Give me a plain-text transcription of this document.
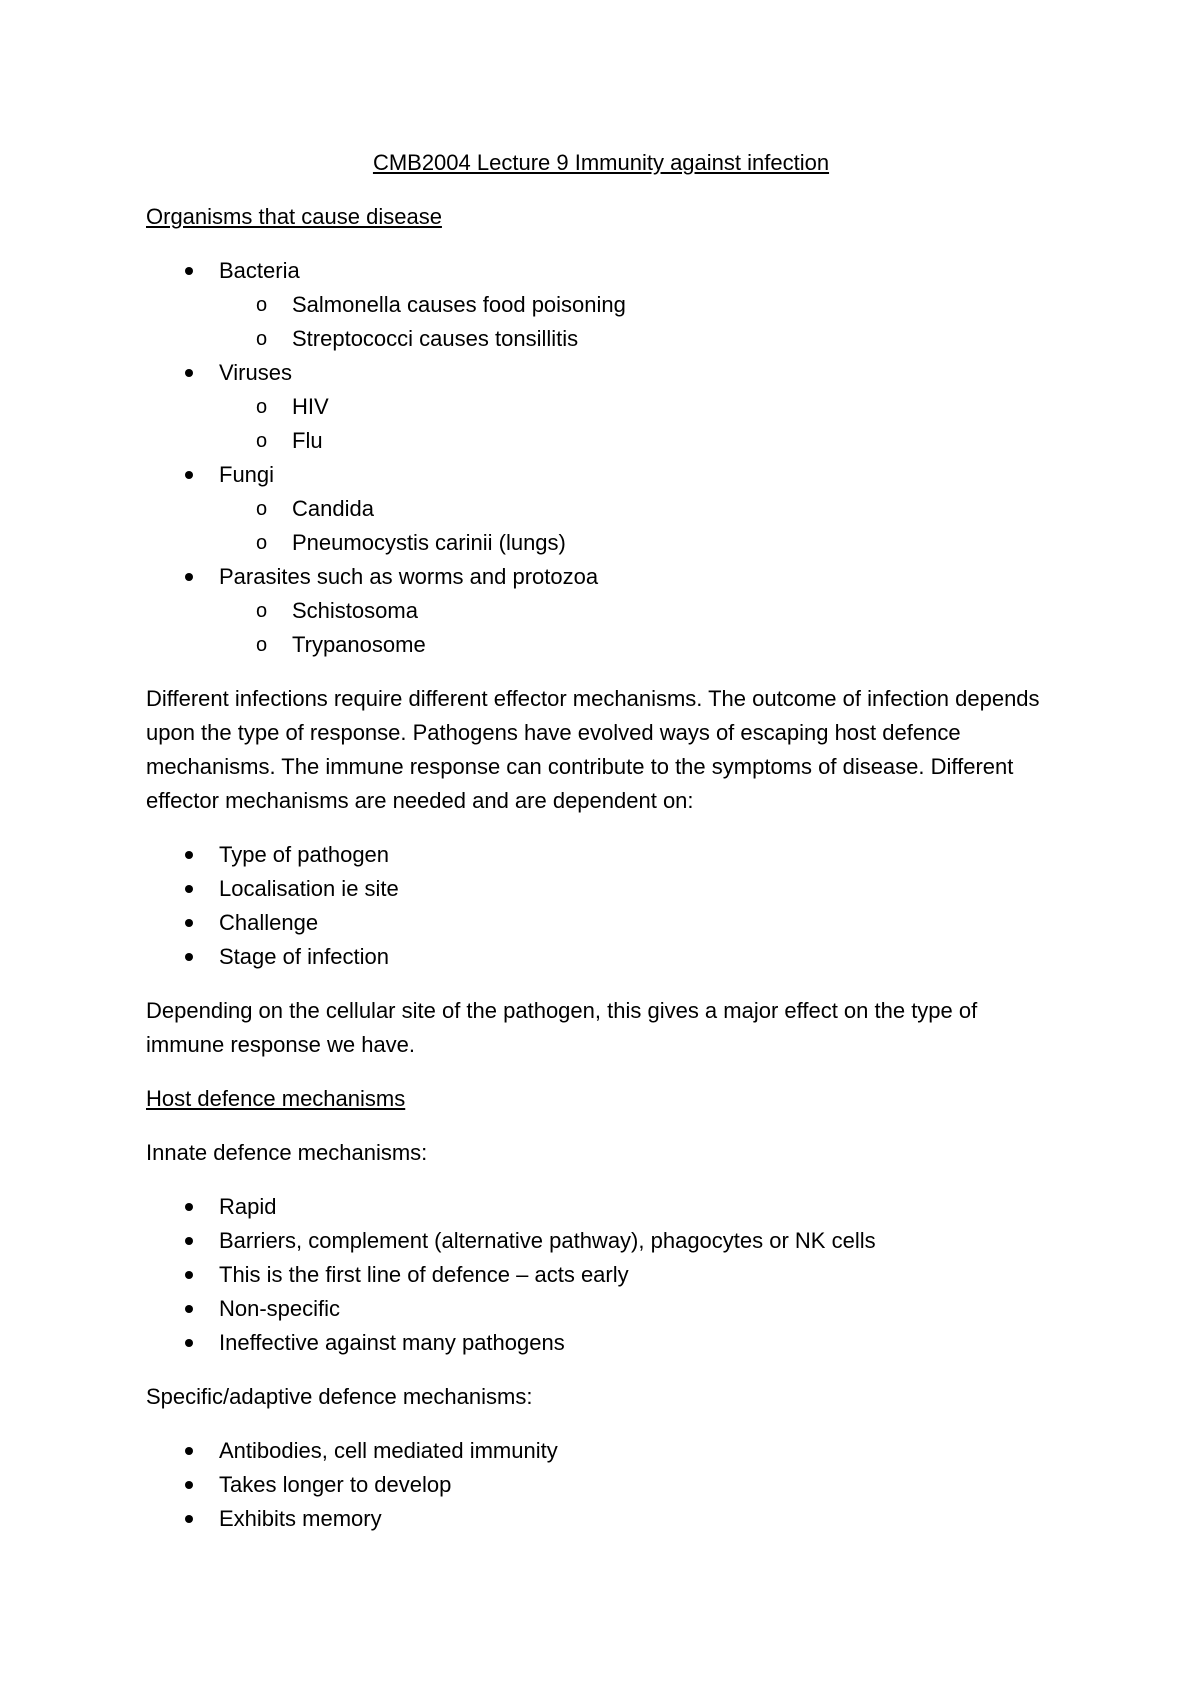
CMB2004 Lecture 9 Immunity against infection
Organisms that cause disease
Bacteria
o Salmonella causes food poisoning
o Streptococci causes tonsillitis
Viruses
o HIV
o Flu
Fungi
o Candida
o Pneumocystis carinii (lungs)
Parasites such as worms and protozoa
o Schistosoma
o Trypanosome
Different infections require different effector mechanisms. The outcome of infection depends upon the type of response. Pathogens have evolved ways of escaping host defence mechanisms. The immune response can contribute to the symptoms of disease. Different effector mechanisms are needed and are dependent on:
Type of pathogen
Localisation ie site
Challenge
Stage of infection
Depending on the cellular site of the pathogen, this gives a major effect on the type of immune response we have.
Host defence mechanisms
Innate defence mechanisms:
Rapid
Barriers, complement (alternative pathway), phagocytes or NK cells
This is the first line of defence – acts early
Non-specific
Ineffective against many pathogens
Specific/adaptive defence mechanisms:
Antibodies, cell mediated immunity
Takes longer to develop
Exhibits memory
